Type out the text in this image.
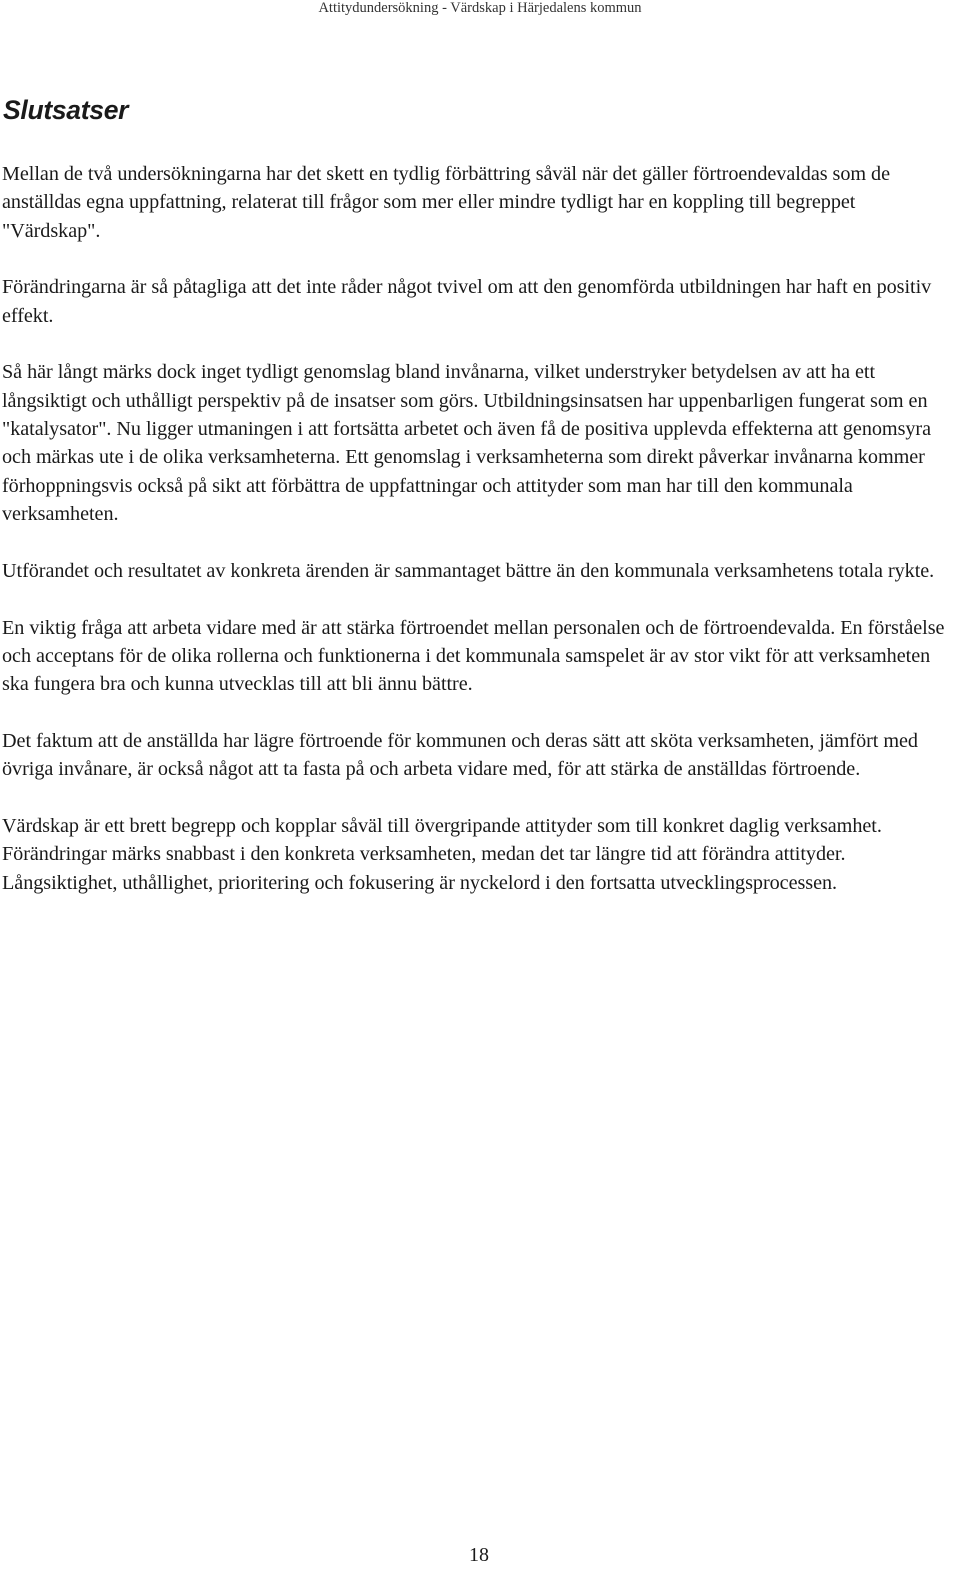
Attitydundersökning - Värdskap i Härjedalens kommun
Slutsatser

Mellan de två undersökningarna har det skett en tydlig förbättring såväl när det gäller förtroendevaldas som de anställdas egna uppfattning, relaterat till frågor som mer eller mindre tydligt har en koppling till begreppet "Värdskap".

Förändringarna är så påtagliga att det inte råder något tvivel om att den genomförda utbildningen har haft en positiv effekt.

Så här långt märks dock inget tydligt genomslag bland invånarna, vilket understryker betydelsen av att ha ett långsiktigt och uthålligt perspektiv på de insatser som görs. Utbildningsinsatsen har uppenbarligen fungerat som en "katalysator". Nu ligger utmaningen i att fortsätta arbetet och även få de positiva upplevda effekterna att genomsyra och märkas ute i de olika verksamheterna. Ett genomslag i verksamheterna som direkt påverkar invånarna kommer förhoppningsvis också på sikt att förbättra de uppfattningar och attityder som man har till den kommunala verksamheten.

Utförandet och resultatet av konkreta ärenden är sammantaget bättre än den kommunala verksamhetens totala rykte.

En viktig fråga att arbeta vidare med är att stärka förtroendet mellan personalen och de förtroendevalda. En förståelse och acceptans för de olika rollerna och funktionerna i det kommunala samspelet är av stor vikt för att verksamheten ska fungera bra och kunna utvecklas till att bli ännu bättre.

Det faktum att de anställda har lägre förtroende för kommunen och deras sätt att sköta verksamheten, jämfört med övriga invånare, är också något att ta fasta på och arbeta vidare med, för att stärka de anställdas förtroende.

Värdskap är ett brett begrepp och kopplar såväl till övergripande attityder som till konkret daglig verksamhet. Förändringar märks snabbast i den konkreta verksamheten, medan det tar längre tid att förändra attityder. Långsiktighet, uthållighet, prioritering och fokusering är nyckelord i den fortsatta utvecklingsprocessen.

18
